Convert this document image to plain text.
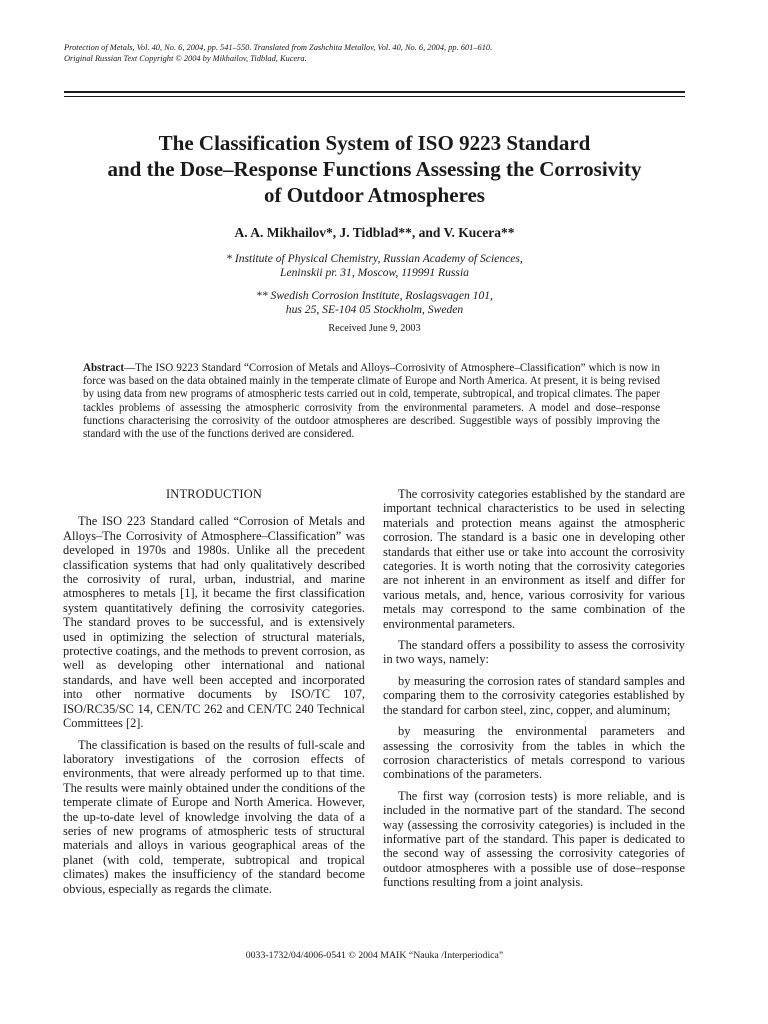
Protection of Metals, Vol. 40, No. 6, 2004, pp. 541–550. Translated from Zashchita Metallov, Vol. 40, No. 6, 2004, pp. 601–610.
Original Russian Text Copyright © 2004 by Mikhailov, Tidblad, Kucera.
The Classification System of ISO 9223 Standard
and the Dose–Response Functions Assessing the Corrosivity
of Outdoor Atmospheres
A. A. Mikhailov*, J. Tidblad**, and V. Kucera**
* Institute of Physical Chemistry, Russian Academy of Sciences,
Leninskii pr. 31, Moscow, 119991 Russia
** Swedish Corrosion Institute, Roslagsvagen 101,
hus 25, SE-104 05 Stockholm, Sweden
Received June 9, 2003

Abstract—The ISO 9223 Standard “Corrosion of Metals and Alloys–Corrosivity of Atmosphere–Classification” which is now in force was based on the data obtained mainly in the temperate climate of Europe and North America. At present, it is being revised by using data from new programs of atmospheric tests carried out in cold, temperate, subtropical, and tropical climates. The paper tackles problems of assessing the atmospheric corrosivity from the environmental parameters. A model and dose–response functions characterising the corrosivity of the outdoor atmospheres are described. Suggestible ways of possibly improving the standard with the use of the functions derived are considered.

INTRODUCTION

The ISO 223 Standard called “Corrosion of Metals and Alloys–The Corrosivity of Atmosphere–Classification” was developed in 1970s and 1980s. Unlike all the precedent classification systems that had only qualitatively described the corrosivity of rural, urban, industrial, and marine atmospheres to metals [1], it became the first classification system quantitatively defining the corrosivity categories. The standard proves to be successful, and is extensively used in optimizing the selection of structural materials, protective coatings, and the methods to prevent corrosion, as well as developing other international and national standards, and have well been accepted and incorporated into other normative documents by ISO/TC 107, ISO/RC35/SC 14, CEN/TC 262 and CEN/TC 240 Technical Committees [2].

The classification is based on the results of full-scale and laboratory investigations of the corrosion effects of environments, that were already performed up to that time. The results were mainly obtained under the conditions of the temperate climate of Europe and North America. However, the up-to-date level of knowledge involving the data of a series of new programs of atmospheric tests of structural materials and alloys in various geographical areas of the planet (with cold, temperate, subtropical and tropical climates) makes the insufficiency of the standard become obvious, especially as regards the climate.

The corrosivity categories established by the standard are important technical characteristics to be used in selecting materials and protection means against the atmospheric corrosion. The standard is a basic one in developing other standards that either use or take into account the corrosivity categories. It is worth noting that the corrosivity categories are not inherent in an environment as itself and differ for various metals, and, hence, various corrosivity for various metals may correspond to the same combination of the environmental parameters.

The standard offers a possibility to assess the corrosivity in two ways, namely:

by measuring the corrosion rates of standard samples and comparing them to the corrosivity categories established by the standard for carbon steel, zinc, copper, and aluminum;

by measuring the environmental parameters and assessing the corrosivity from the tables in which the corrosion characteristics of metals correspond to various combinations of the parameters.

The first way (corrosion tests) is more reliable, and is included in the normative part of the standard. The second way (assessing the corrosivity categories) is included in the informative part of the standard. This paper is dedicated to the second way of assessing the corrosivity categories of outdoor atmospheres with a possible use of dose–response functions resulting from a joint analysis.

0033-1732/04/4006-0541 © 2004 MAIK “Nauka /Interperiodica”
